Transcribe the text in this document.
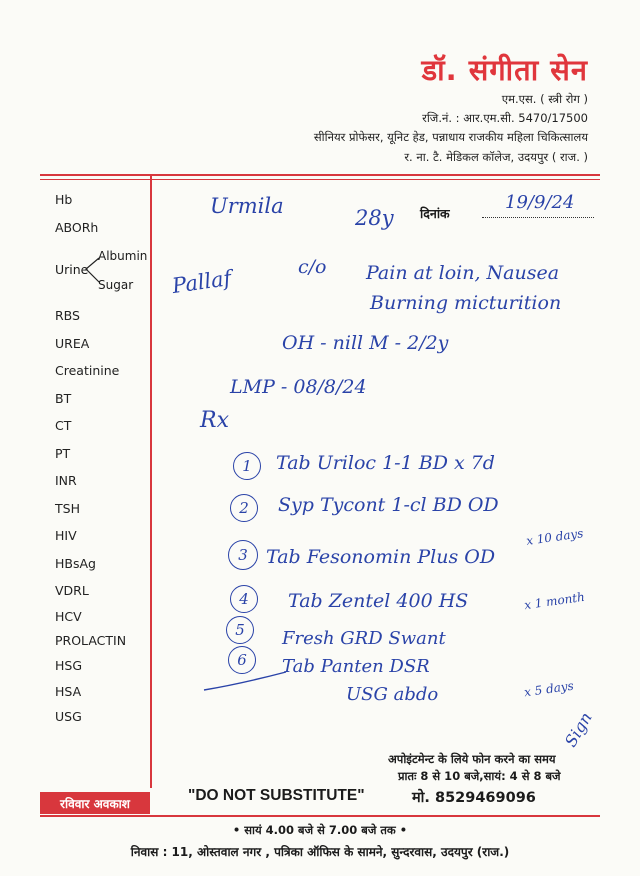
डॉ. संगीता सेन
एम.एस. ( स्त्री रोग )
रजि.नं. : आर.एम.सी. 5470/17500
सीनियर प्रोफेसर, यूनिट हेड, पन्नाधाय राजकीय महिला चिकित्सालय
र. ना. टै. मेडिकल कॉलेज, उदयपुर ( राज. )
Hb
ABORh
Urine
Albumin
Sugar
RBS
UREA
Creatinine
BT
CT
PT
INR
TSH
HIV
HBsAg
VDRL
HCV
PROLACTIN
HSG
HSA
USG
दिनांक
19/9/24
Urmila	28y
Pallaf	c/o Pain at loin, Nausea
Burning micturition
OH - nill M - 2/2y
LMP - 08/8/24
Rx
1
2
3
4
5
6
Tab Uriloc 1-1 BD x 7d
Syp Tycont 1-cl BD OD
Tab Fesonomin Plus OD
Tab Zentel 400 HS
Fresh GRD Swant
Tab Panten DSR
USG abdo
x 10 days
x 1 month
x 5 days
Sign
अपोइंटमेन्ट के लिये फोन करने का समय
प्रातः 8 से 10 बजे,सायं: 4 से 8 बजे
रविवार अवकाश	"DO NOT SUBSTITUTE"	मो. 8529469096
• सायं 4.00 बजे से 7.00 बजे तक •
निवास : 11, ओस्तवाल नगर , पत्रिका ऑफिस के सामने, सुन्दरवास, उदयपुर (राज.)
